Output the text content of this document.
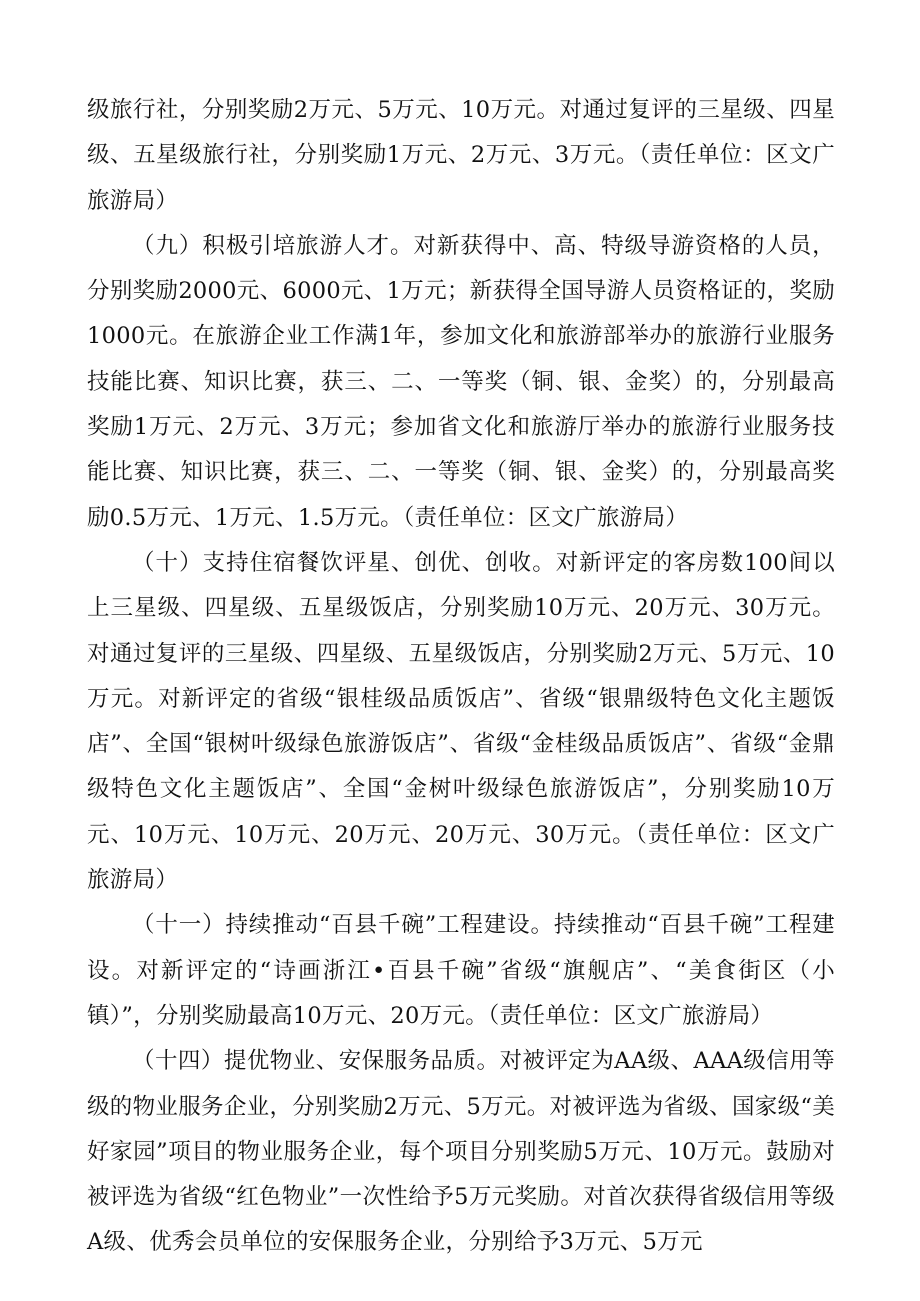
级旅行社，分别奖励2万元、5万元、10万元。对通过复评的三星级、四星级、五星级旅行社，分别奖励1万元、2万元、3万元。（责任单位：区文广旅游局）

（九）积极引培旅游人才。对新获得中、高、特级导游资格的人员，分别奖励2000元、6000元、1万元；新获得全国导游人员资格证的，奖励1000元。在旅游企业工作满1年，参加文化和旅游部举办的旅游行业服务技能比赛、知识比赛，获三、二、一等奖（铜、银、金奖）的，分别最高奖励1万元、2万元、3万元；参加省文化和旅游厅举办的旅游行业服务技能比赛、知识比赛，获三、二、一等奖（铜、银、金奖）的，分别最高奖励0.5万元、1万元、1.5万元。（责任单位：区文广旅游局）

（十）支持住宿餐饮评星、创优、创收。对新评定的客房数100间以上三星级、四星级、五星级饭店，分别奖励10万元、20万元、30万元。对通过复评的三星级、四星级、五星级饭店，分别奖励2万元、5万元、10万元。对新评定的省级“银桂级品质饭店”、省级“银鼎级特色文化主题饭店”、全国“银树叶级绿色旅游饭店”、省级“金桂级品质饭店”、省级“金鼎级特色文化主题饭店”、全国“金树叶级绿色旅游饭店”，分别奖励10万元、10万元、10万元、20万元、20万元、30万元。（责任单位：区文广旅游局）

（十一）持续推动“百县千碗”工程建设。持续推动“百县千碗”工程建设。对新评定的“诗画浙江•百县千碗”省级“旗舰店”、“美食街区（小镇）”，分别奖励最高10万元、20万元。（责任单位：区文广旅游局）

（十四）提优物业、安保服务品质。对被评定为AA级、AAA级信用等级的物业服务企业，分别奖励2万元、5万元。对被评选为省级、国家级“美好家园”项目的物业服务企业，每个项目分别奖励5万元、10万元。鼓励对被评选为省级“红色物业”一次性给予5万元奖励。对首次获得省级信用等级A级、优秀会员单位的安保服务企业，分别给予3万元、5万元
